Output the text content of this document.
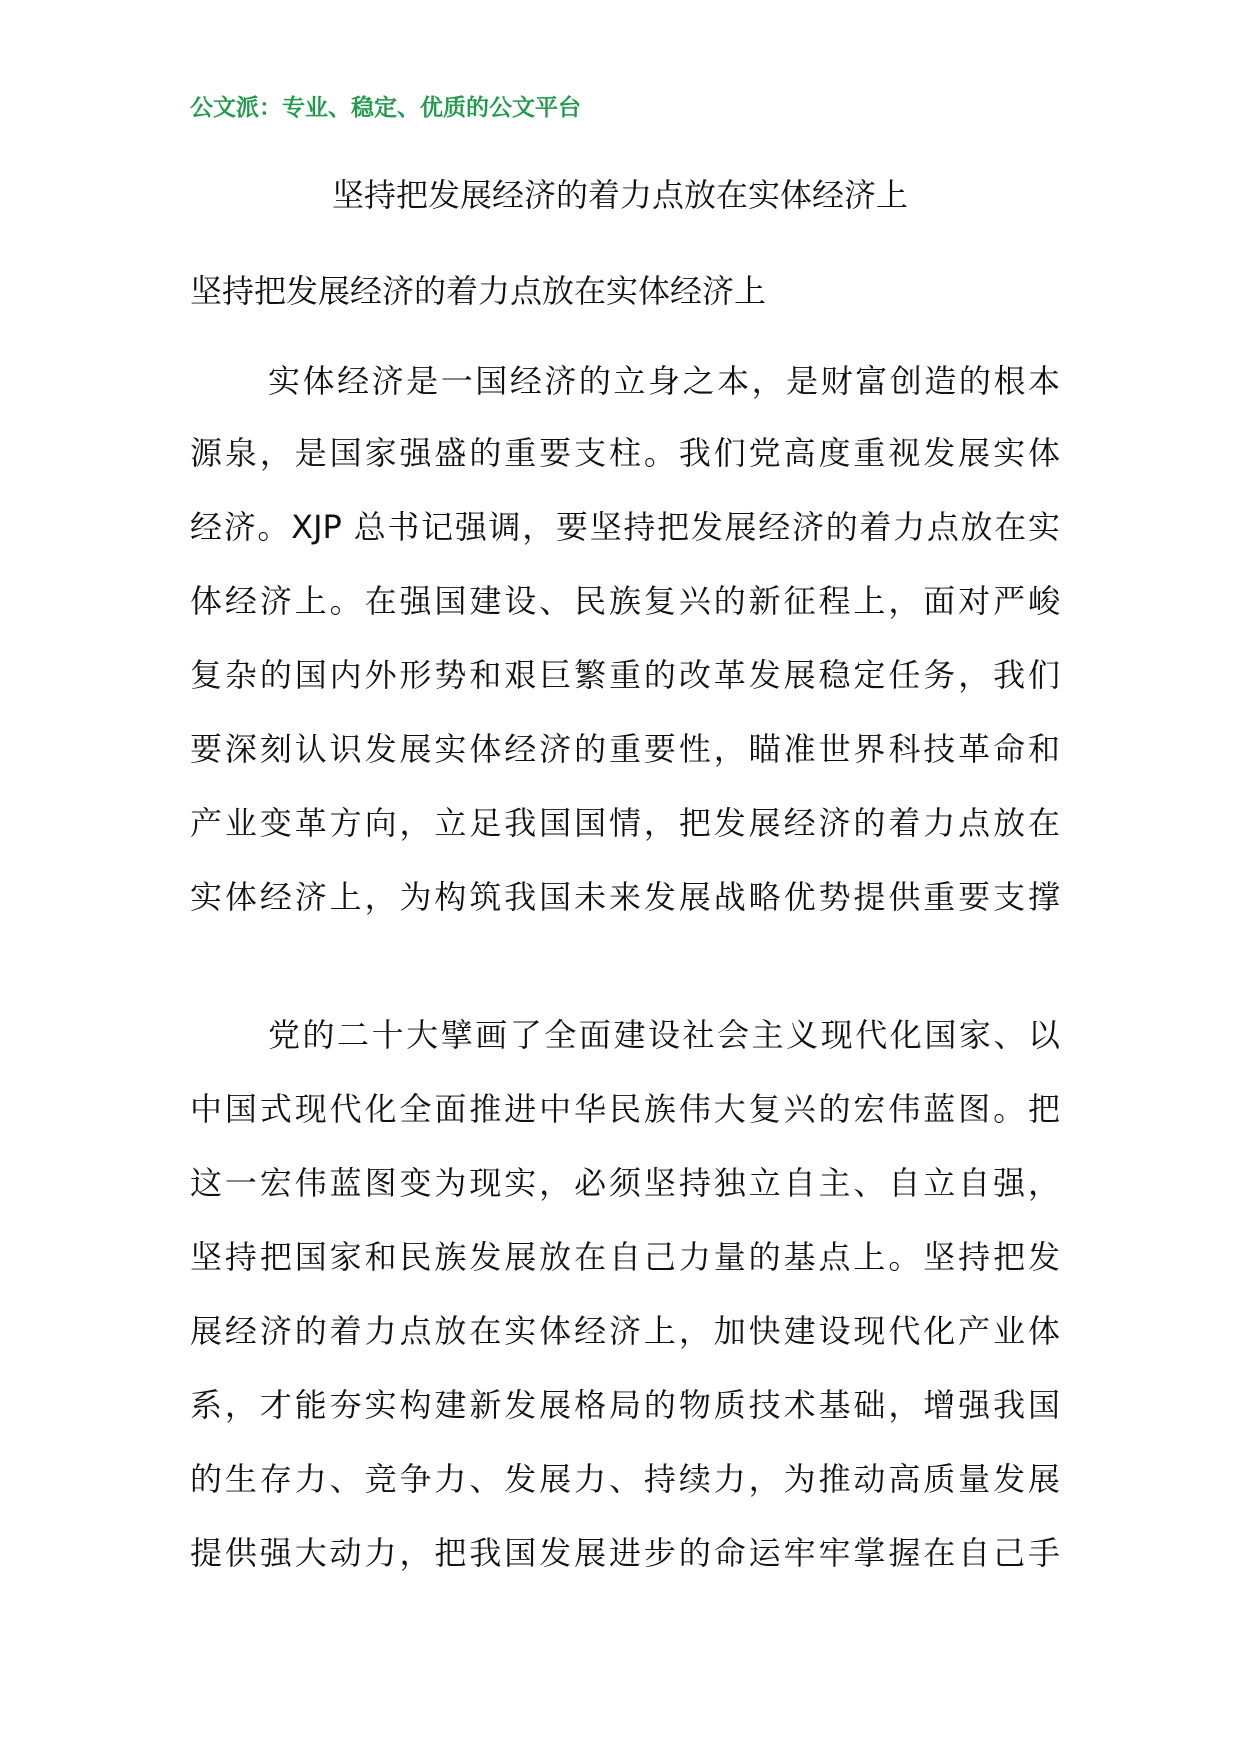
公文派：专业、稳定、优质的公文平台
坚持把发展经济的着力点放在实体经济上
坚持把发展经济的着力点放在实体经济上
实体经济是一国经济的立身之本，是财富创造的根本
源泉，是国家强盛的重要支柱。我们党高度重视发展实体
经济。XJP 总书记强调，要坚持把发展经济的着力点放在实
体经济上。在强国建设、民族复兴的新征程上，面对严峻
复杂的国内外形势和艰巨繁重的改革发展稳定任务，我们
要深刻认识发展实体经济的重要性，瞄准世界科技革命和
产业变革方向，立足我国国情，把发展经济的着力点放在
实体经济上，为构筑我国未来发展战略优势提供重要支撑
党的二十大擘画了全面建设社会主义现代化国家、以
中国式现代化全面推进中华民族伟大复兴的宏伟蓝图。把
这一宏伟蓝图变为现实，必须坚持独立自主、自立自强，
坚持把国家和民族发展放在自己力量的基点上。坚持把发
展经济的着力点放在实体经济上，加快建设现代化产业体
系，才能夯实构建新发展格局的物质技术基础，增强我国
的生存力、竞争力、发展力、持续力，为推动高质量发展
提供强大动力，把我国发展进步的命运牢牢掌握在自己手
